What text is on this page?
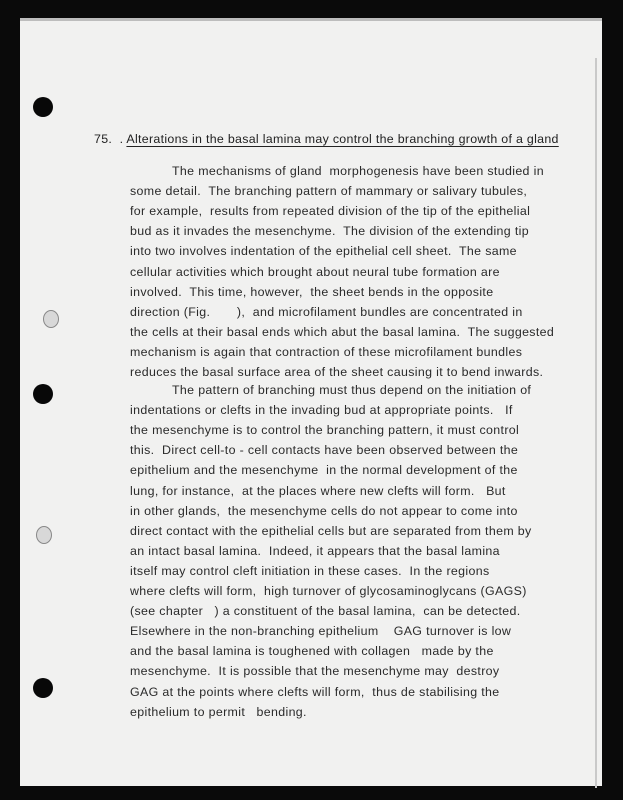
75.  . Alterations in the basal lamina may control the branching growth of a gland
The mechanisms of gland  morphogenesis have been studied in
some detail.  The branching pattern of mammary or salivary tubules,
for example,  results from repeated division of the tip of the epithelial
bud as it invades the mesenchyme.  The division of the extending tip
into two involves indentation of the epithelial cell sheet.  The same
cellular activities which brought about neural tube formation are
involved.  This time, however,  the sheet bends in the opposite
direction (Fig.       ),  and microfilament bundles are concentrated in
the cells at their basal ends which abut the basal lamina.  The suggested
mechanism is again that contraction of these microfilament bundles
reduces the basal surface area of the sheet causing it to bend inwards.
The pattern of branching must thus depend on the initiation of
indentations or clefts in the invading bud at appropriate points.   If
the mesenchyme is to control the branching pattern, it must control
this.  Direct cell-to - cell contacts have been observed between the
epithelium and the mesenchyme  in the normal development of the
lung, for instance,  at the places where new clefts will form.   But
in other glands,  the mesenchyme cells do not appear to come into
direct contact with the epithelial cells but are separated from them by
an intact basal lamina.  Indeed, it appears that the basal lamina
itself may control cleft initiation in these cases.  In the regions
where clefts will form,  high turnover of glycosaminoglycans (GAGS)
(see chapter   ) a constituent of the basal lamina,  can be detected.
Elsewhere in the non-branching epithelium    GAG turnover is low
and the basal lamina is toughened with collagen   made by the
mesenchyme.  It is possible that the mesenchyme may  destroy
GAG at the points where clefts will form,  thus de stabilising the
epithelium to permit   bending.
